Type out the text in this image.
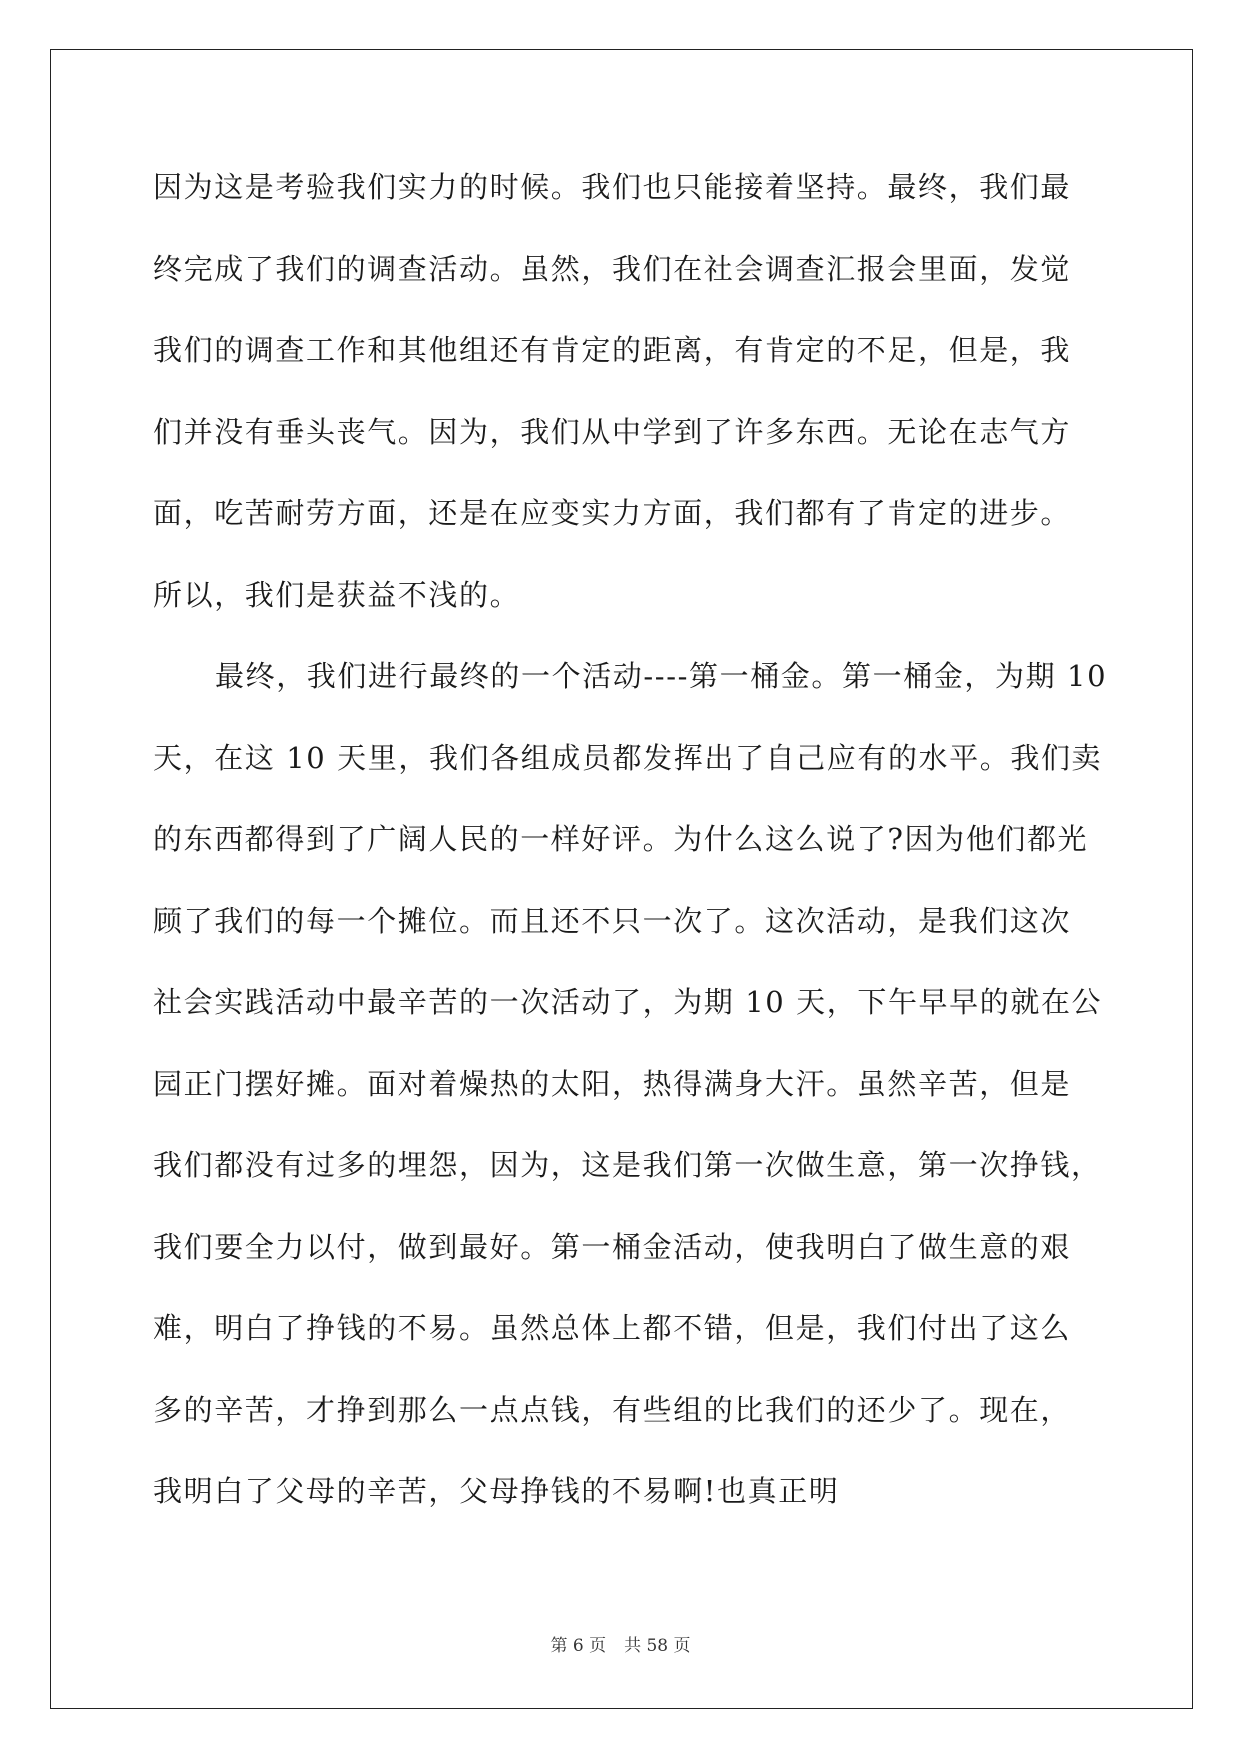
因为这是考验我们实力的时候。我们也只能接着坚持。最终，我们最
终完成了我们的调查活动。虽然，我们在社会调查汇报会里面，发觉
我们的调查工作和其他组还有肯定的距离，有肯定的不足，但是，我
们并没有垂头丧气。因为，我们从中学到了许多东西。无论在志气方
面，吃苦耐劳方面，还是在应变实力方面，我们都有了肯定的进步。
所以，我们是获益不浅的。
最终，我们进行最终的一个活动----第一桶金。第一桶金，为期 10
天，在这 10 天里，我们各组成员都发挥出了自己应有的水平。我们卖
的东西都得到了广阔人民的一样好评。为什么这么说了?因为他们都光
顾了我们的每一个摊位。而且还不只一次了。这次活动，是我们这次
社会实践活动中最辛苦的一次活动了，为期 10 天，下午早早的就在公
园正门摆好摊。面对着燥热的太阳，热得满身大汗。虽然辛苦，但是
我们都没有过多的埋怨，因为，这是我们第一次做生意，第一次挣钱，
我们要全力以付，做到最好。第一桶金活动，使我明白了做生意的艰
难，明白了挣钱的不易。虽然总体上都不错，但是，我们付出了这么
多的辛苦，才挣到那么一点点钱，有些组的比我们的还少了。现在，
我明白了父母的辛苦，父母挣钱的不易啊!也真正明
第 6 页 共 58 页
